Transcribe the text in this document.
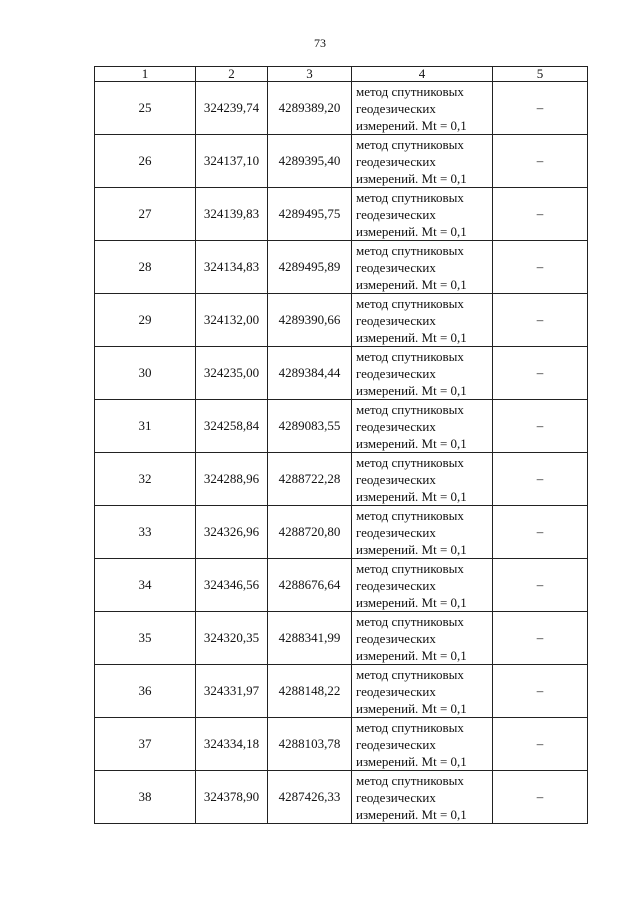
73
1	2	3	4	5
25	324239,74	4289389,20	метод спутниковых
геодезических
измерений. Mt = 0,1	–
26	324137,10	4289395,40	метод спутниковых
геодезических
измерений. Mt = 0,1	–
27	324139,83	4289495,75	метод спутниковых
геодезических
измерений. Mt = 0,1	–
28	324134,83	4289495,89	метод спутниковых
геодезических
измерений. Mt = 0,1	–
29	324132,00	4289390,66	метод спутниковых
геодезических
измерений. Mt = 0,1	–
30	324235,00	4289384,44	метод спутниковых
геодезических
измерений. Mt = 0,1	–
31	324258,84	4289083,55	метод спутниковых
геодезических
измерений. Mt = 0,1	–
32	324288,96	4288722,28	метод спутниковых
геодезических
измерений. Mt = 0,1	–
33	324326,96	4288720,80	метод спутниковых
геодезических
измерений. Mt = 0,1	–
34	324346,56	4288676,64	метод спутниковых
геодезических
измерений. Mt = 0,1	–
35	324320,35	4288341,99	метод спутниковых
геодезических
измерений. Mt = 0,1	–
36	324331,97	4288148,22	метод спутниковых
геодезических
измерений. Mt = 0,1	–
37	324334,18	4288103,78	метод спутниковых
геодезических
измерений. Mt = 0,1	–
38	324378,90	4287426,33	метод спутниковых
геодезических
измерений. Mt = 0,1	–
